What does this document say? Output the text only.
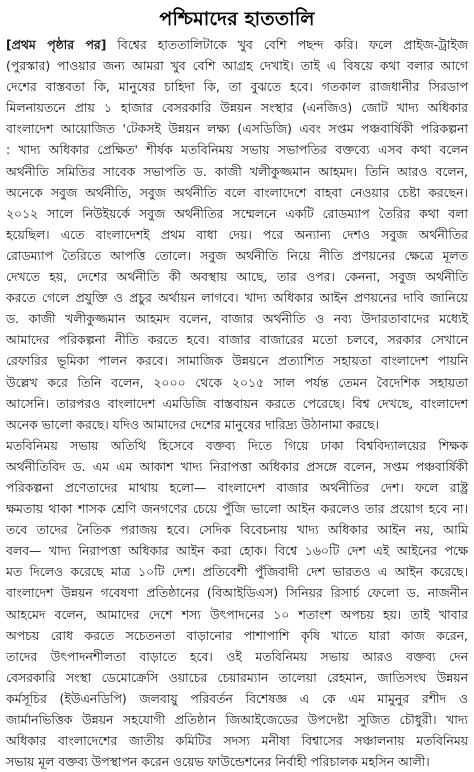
পশ্চিমাদের হাততালি
[প্রথম পৃষ্ঠার পর] বিশ্বের হাততালিটাকে খুব বেশি পছন্দ করি। ফলে প্রাইজ-ট্রাইজ
(পুরস্কার) পাওয়ার জন্য আমরা খুব বেশি আগ্রহ দেখাই। তাই এ বিষয়ে কথা বলার আগে
দেশের বাস্তবতা কি, মানুষের চাহিদা কি, তা বুঝতে হবে। গতকাল রাজধানীর সিরডাপ
মিলনায়তনে প্রায় ১ হাজার বেসরকারি উন্নয়ন সংস্থার (এনজিও) জোট খাদ্য অধিকার
বাংলাদেশ আয়োজিত 'টেকসই উন্নয়ন লক্ষ্য (এসডিজি) এবং সপ্তম পঞ্চবার্ষিকী পরিকল্পনা
: খাদ্য অধিকার প্রেক্ষিত' শীর্ষক মতবিনিময় সভায় সভাপতির বক্তব্যে এসব কথা বলেন
অর্থনীতি সমিতির সাবেক সভাপতি ড. কাজী খলীকুজ্জমান আহমদ। তিনি আরও বলেন,
অনেকে সবুজ অর্থনীতি, সবুজ অর্থনীতি বলে বাংলাদেশে বাহবা নেওয়ার চেষ্টা করছেন।
২০১২ সালে নিউইয়র্কে সবুজ অর্থনীতির সম্মেলনে একটি রোডম্যাপ তৈরির কথা বলা
হয়েছিল। এতে বাংলাদেশই প্রথম বাধা দেয়। পরে অন্যান্য দেশও সবুজ অর্থনীতির
রোডম্যাপ তৈরিতে আপত্তি তোলে। সবুজ অর্থনীতি নিয়ে নীতি প্রণয়নের ক্ষেত্রে মূলত
দেখতে হয়, দেশের অর্থনীতি কী অবস্থায় আছে, তার ওপর। কেননা, সবুজ অর্থনীতি
করতে গেলে প্রযুক্তি ও প্রচুর অর্থায়ন লাগবে। খাদ্য অধিকার আইন প্রণয়নের দাবি জানিয়ে
ড. কাজী খলীকুজ্জমান আহমদ বলেন, বাজার অর্থনীতি ও নব্য উদারতাবাদের মধ্যেই
আমাদের পরিকল্পনা নীতি করতে হবে। বাজার বাজারের মতো চলবে, সরকার সেখানে
রেফারির ভূমিকা পালন করবে। সামাজিক উন্নয়নে প্রত্যাশিত সহায়তা বাংলাদেশ পায়নি
উল্লেখ করে তিনি বলেন, ২০০০ থেকে ২০১৫ সাল পর্যন্ত তেমন বৈদেশিক সহায়তা
আসেনি। তারপরও বাংলাদেশ এমডিজি বাস্তবায়ন করতে পেরেছে। বিশ্ব দেখছে, বাংলাদেশ
অনেক ভালো করছে। যদিও আমাদের দেশের মানুষের দারিদ্র্য উঠানামা করছে।
মতবিনিময় সভায় অতিথি হিসেবে বক্তব্য দিতে গিয়ে ঢাকা বিশ্ববিদ্যালয়ের শিক্ষক
অর্থনীতিবিদ ড. এম এম আকাশ খাদ্য নিরাপত্তা অধিকার প্রসঙ্গে বলেন, সপ্তম পঞ্চবার্ষিকী
পরিকল্পনা প্রণেতাদের মাথায় হলো— বাংলাদেশ বাজার অর্থনীতির দেশ। ফলে রাষ্ট্র
ক্ষমতায় থাকা শাসক শ্রেণি জনগণের চেয়ে পুঁজি ভালো আইন করলেও তার প্রয়োগ হবে না।
তবে তাদের নৈতিক পরাজয় হবে। সেদিক বিবেচনায় খাদ্য অধিকার আইন নয়, আমি
বলব— খাদ্য নিরাপত্তা অধিকার আইন করা হোক। বিশ্বে ১৬০টি দেশ এই আইনের পক্ষে
মত দিলেও করেছে মাত্র ১০টি দেশ। প্রতিবেশী পুঁজিবাদী দেশ ভারতও এ আইন করেছে।
বাংলাদেশ উন্নয়ন গবেষণা প্রতিষ্ঠানের (বিআইডিএস) সিনিয়র রিসার্চ ফেলো ড. নাজনীন
আহমেদ বলেন, আমাদের দেশে শস্য উৎপাদনের ১০ শতাংশ অপচয় হয়। তাই খাবার
অপচয় রোধ করতে সচেতনতা বাড়ানোর পাশাপাশি কৃষি খাতে যারা কাজ করেন,
তাদের উৎপাদনশীলতা বাড়াতে হবে। ওই মতবিনিময় সভায় আরও বক্তব্য দেন
বেসরকারি সংস্থা ডেমোক্রেসি ওয়াচের চেয়ারম্যান তালেয়া রেহমান, জাতিসংঘ উন্নয়ন
কর্মসূচির (ইউএনডিপি) জলবায়ু পরিবর্তন বিশেষজ্ঞ এ কে এম মামুনুর রশীদ ও
জার্মানভিত্তিক উন্নয়ন সহযোগী প্রতিষ্ঠান জিআইজেডের উপদেষ্টা সুজিত চৌধুরী। খাদ্য
অধিকার বাংলাদেশের জাতীয় কমিটির সদস্য মনীষা বিশ্বাসের সঞ্চালনায় মতবিনিময়
সভায় মূল বক্তব্য উপস্থাপন করেন ওয়েভ ফাউন্ডেশনের নির্বাহী পরিচালক মহসিন আলী।
